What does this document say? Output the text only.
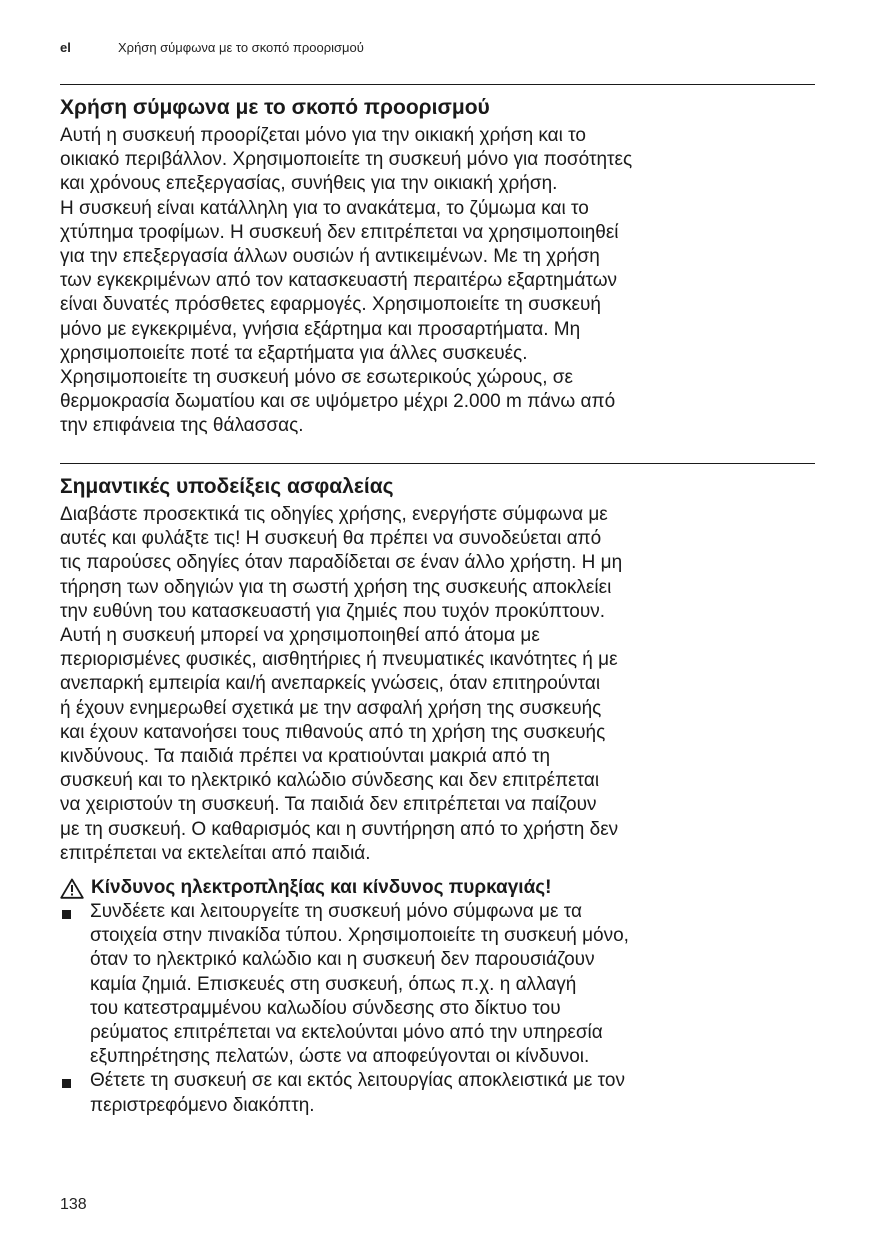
el	Χρήση σύμφωνα με το σκοπό προορισμού
Χρήση σύμφωνα με το σκοπό προορισμού

Αυτή η συσκευή προορίζεται μόνο για την οικιακή χρήση και το
οικιακό περιβάλλον. Χρησιμοποιείτε τη συσκευή μόνο για ποσότητες
και χρόνους επεξεργασίας, συνήθεις για την οικιακή χρήση.
Η συσκευή είναι κατάλληλη για το ανακάτεμα, το ζύμωμα και το
χτύπημα τροφίμων. Η συσκευή δεν επιτρέπεται να χρησιμοποιηθεί
για την επεξεργασία άλλων ουσιών ή αντικειμένων. Με τη χρήση
των εγκεκριμένων από τον κατασκευαστή περαιτέρω εξαρτημάτων
είναι δυνατές πρόσθετες εφαρμογές. Χρησιμοποιείτε τη συσκευή
μόνο με εγκεκριμένα, γνήσια εξάρτημα και προσαρτήματα. Μη
χρησιμοποιείτε ποτέ τα εξαρτήματα για άλλες συσκευές.
Χρησιμοποιείτε τη συσκευή μόνο σε εσωτερικούς χώρους, σε
θερμοκρασία δωματίου και σε υψόμετρο μέχρι 2.000 m πάνω από
την επιφάνεια της θάλασσας.

Σημαντικές υποδείξεις ασφαλείας

Διαβάστε προσεκτικά τις οδηγίες χρήσης, ενεργήστε σύμφωνα με
αυτές και φυλάξτε τις! Η συσκευή θα πρέπει να συνοδεύεται από
τις παρούσες οδηγίες όταν παραδίδεται σε έναν άλλο χρήστη. Η μη
τήρηση των οδηγιών για τη σωστή χρήση της συσκευής αποκλείει
την ευθύνη του κατασκευαστή για ζημιές που τυχόν προκύπτουν.
Αυτή η συσκευή μπορεί να χρησιμοποιηθεί από άτομα με
περιορισμένες φυσικές, αισθητήριες ή πνευματικές ικανότητες ή με
ανεπαρκή εμπειρία και/ή ανεπαρκείς γνώσεις, όταν επιτηρούνται
ή έχουν ενημερωθεί σχετικά με την ασφαλή χρήση της συσκευής
και έχουν κατανοήσει τους πιθανούς από τη χρήση της συσκευής
κινδύνους. Τα παιδιά πρέπει να κρατιούνται μακριά από τη
συσκευή και το ηλεκτρικό καλώδιο σύνδεσης και δεν επιτρέπεται
να χειριστούν τη συσκευή. Τα παιδιά δεν επιτρέπεται να παίζουν
με τη συσκευή. Ο καθαρισμός και η συντήρηση από το χρήστη δεν
επιτρέπεται να εκτελείται από παιδιά.

Κίνδυνος ηλεκτροπληξίας και κίνδυνος πυρκαγιάς!
Συνδέετε και λειτουργείτε τη συσκευή μόνο σύμφωνα με τα
στοιχεία στην πινακίδα τύπου. Χρησιμοποιείτε τη συσκευή μόνο,
όταν το ηλεκτρικό καλώδιο και η συσκευή δεν παρουσιάζουν
καμία ζημιά. Επισκευές στη συσκευή, όπως π.χ. η αλλαγή
του κατεστραμμένου καλωδίου σύνδεσης στο δίκτυο του
ρεύματος επιτρέπεται να εκτελούνται μόνο από την υπηρεσία
εξυπηρέτησης πελατών, ώστε να αποφεύγονται οι κίνδυνοι.
Θέτετε τη συσκευή σε και εκτός λειτουργίας αποκλειστικά με τον
περιστρεφόμενο διακόπτη.
138
